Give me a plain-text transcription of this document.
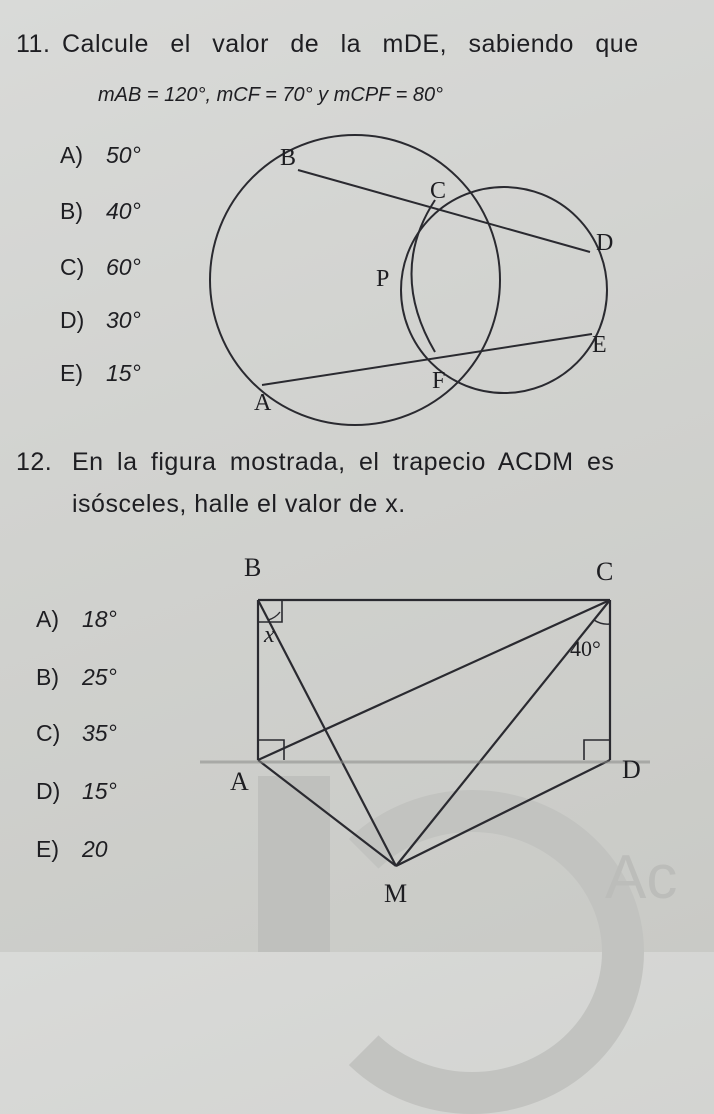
Ac
11. Calcule el valor de la mDE, sabiendo que
mAB = 120°, mCF = 70° y mCPF = 80°
A) 50°
B) 40°
C) 60°
D) 30°
E) 15°
B
C
D
P
E
F
A
12. En la figura mostrada, el trapecio ACDM es
isósceles, halle el valor de x.
A) 18°
B) 25°
C) 35°
D) 15°
E) 20
B	C
A	D
M
x
40°
